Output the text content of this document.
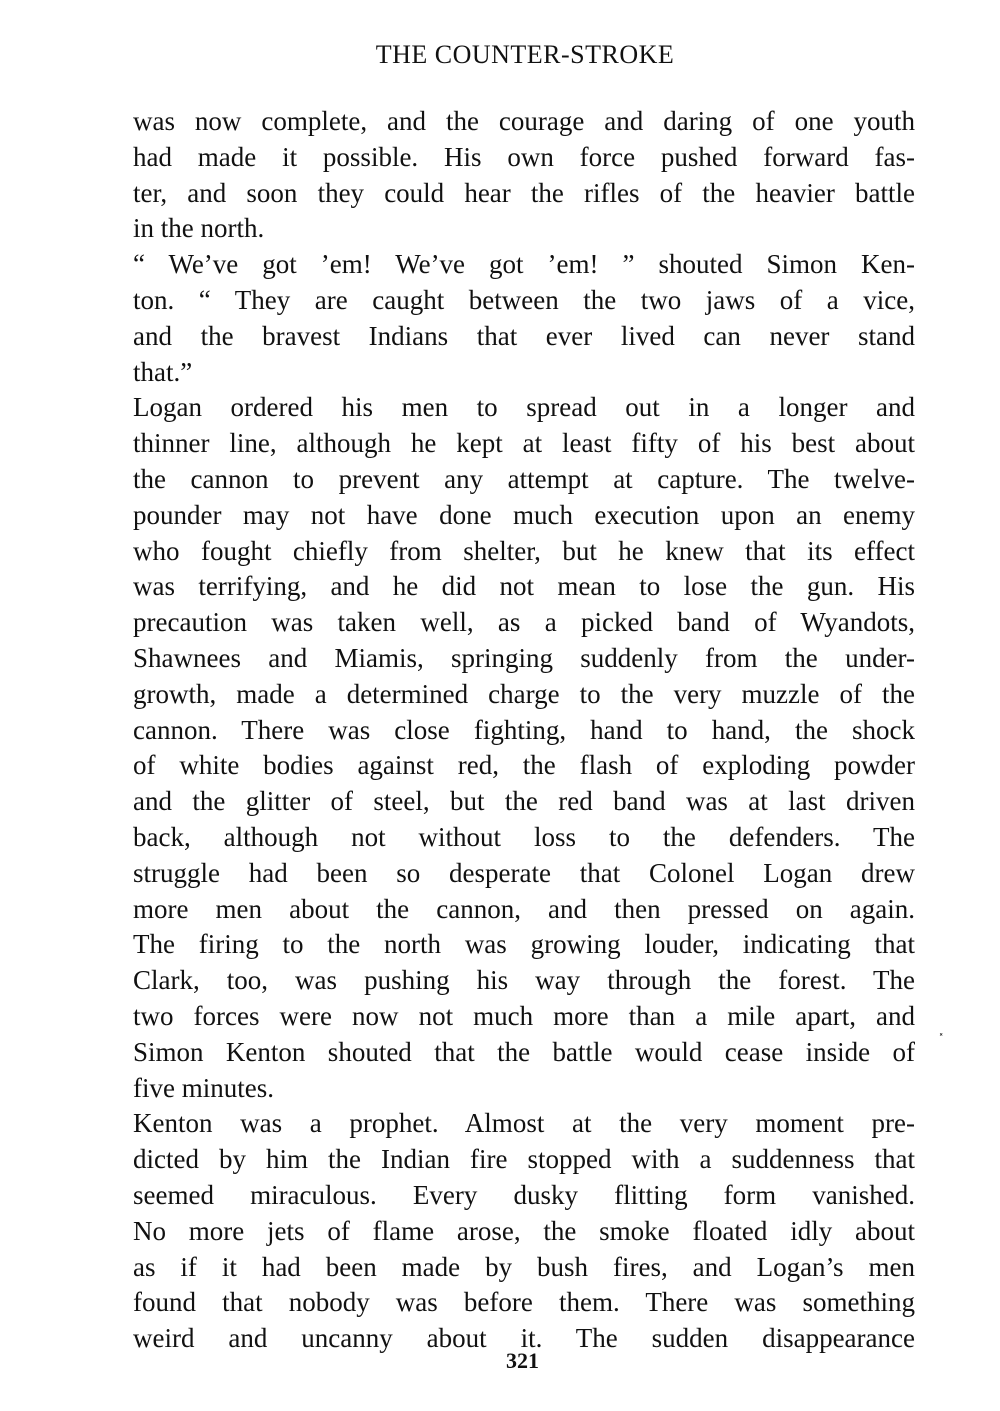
THE COUNTER-STROKE
was now complete, and the courage and daring of one youth
had made it possible. His own force pushed forward fas-
ter, and soon they could hear the rifles of the heavier battle
in the north.
“ We’ve got ’em! We’ve got ’em! ” shouted Simon Ken-
ton. “ They are caught between the two jaws of a vice,
and the bravest Indians that ever lived can never stand
that.”
Logan ordered his men to spread out in a longer and
thinner line, although he kept at least fifty of his best about
the cannon to prevent any attempt at capture. The twelve-
pounder may not have done much execution upon an enemy
who fought chiefly from shelter, but he knew that its effect
was terrifying, and he did not mean to lose the gun. His
precaution was taken well, as a picked band of Wyandots,
Shawnees and Miamis, springing suddenly from the under-
growth, made a determined charge to the very muzzle of the
cannon. There was close fighting, hand to hand, the shock
of white bodies against red, the flash of exploding powder
and the glitter of steel, but the red band was at last driven
back, although not without loss to the defenders. The
struggle had been so desperate that Colonel Logan drew
more men about the cannon, and then pressed on again.
The firing to the north was growing louder, indicating that
Clark, too, was pushing his way through the forest. The
two forces were now not much more than a mile apart, and
Simon Kenton shouted that the battle would cease inside of
five minutes.
Kenton was a prophet. Almost at the very moment pre-
dicted by him the Indian fire stopped with a suddenness that
seemed miraculous. Every dusky flitting form vanished.
No more jets of flame arose, the smoke floated idly about
as if it had been made by bush fires, and Logan’s men
found that nobody was before them. There was something
weird and uncanny about it. The sudden disappearance
⸼
321
